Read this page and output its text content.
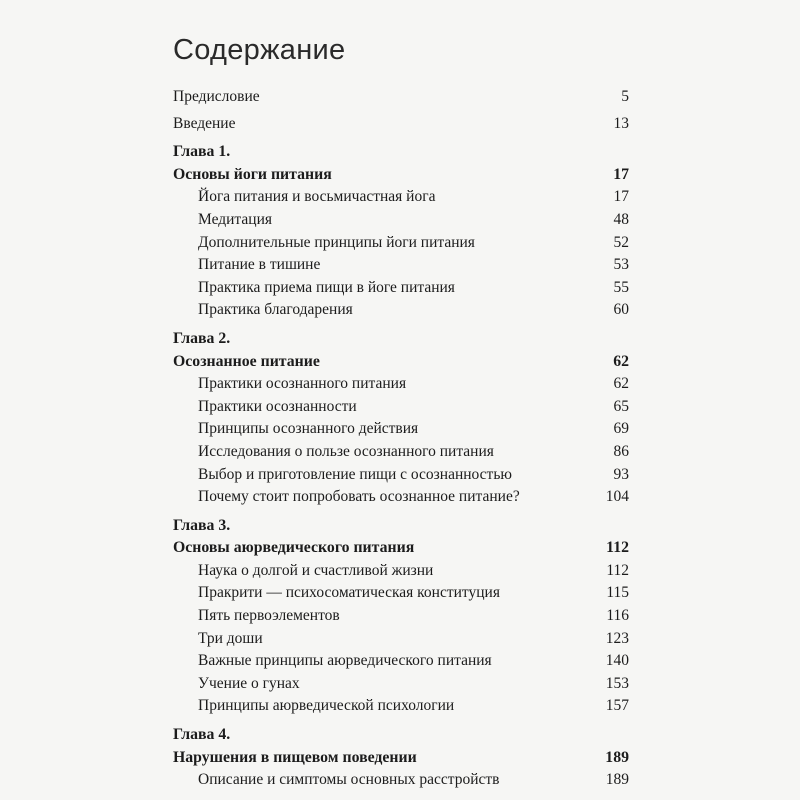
Содержание
Предисловие	5
Введение	13
Глава 1.
Основы йоги питания	17
Йога питания и восьмичастная йога	17
Медитация	48
Дополнительные принципы йоги питания	52
Питание в тишине	53
Практика приема пищи в йоге питания	55
Практика благодарения	60
Глава 2.
Осознанное питание	62
Практики осознанного питания	62
Практики осознанности	65
Принципы осознанного действия	69
Исследования о пользе осознанного питания	86
Выбор и приготовление пищи с осознанностью	93
Почему стоит попробовать осознанное питание?	104
Глава 3.
Основы аюрведического питания	112
Наука о долгой и счастливой жизни	112
Пракрити — психосоматическая конституция	115
Пять первоэлементов	116
Три доши	123
Важные принципы аюрведического питания	140
Учение о гунах	153
Принципы аюрведической психологии	157
Глава 4.
Нарушения в пищевом поведении	189
Описание и симптомы основных расстройств	189
